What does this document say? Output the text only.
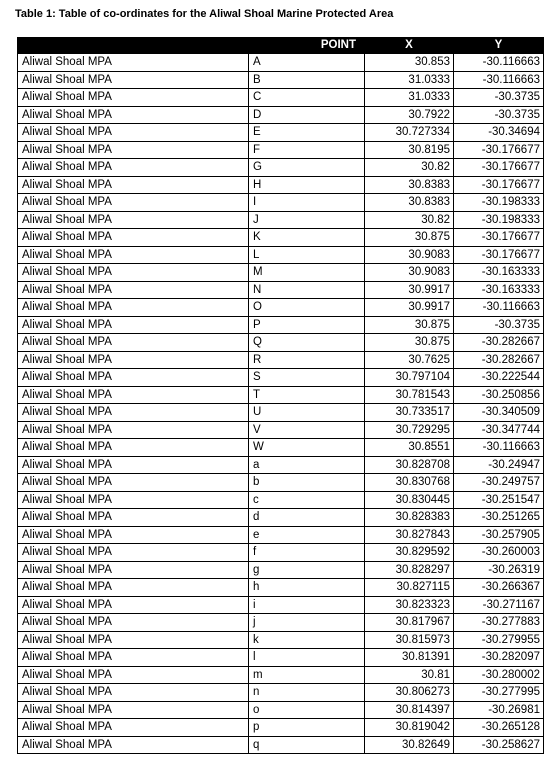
Table 1: Table of co-ordinates for the Aliwal Shoal Marine Protected Area
	POINT	X	Y
Aliwal Shoal MPA	A	30.853	-30.116663
Aliwal Shoal MPA	B	31.0333	-30.116663
Aliwal Shoal MPA	C	31.0333	-30.3735
Aliwal Shoal MPA	D	30.7922	-30.3735
Aliwal Shoal MPA	E	30.727334	-30.34694
Aliwal Shoal MPA	F	30.8195	-30.176677
Aliwal Shoal MPA	G	30.82	-30.176677
Aliwal Shoal MPA	H	30.8383	-30.176677
Aliwal Shoal MPA	I	30.8383	-30.198333
Aliwal Shoal MPA	J	30.82	-30.198333
Aliwal Shoal MPA	K	30.875	-30.176677
Aliwal Shoal MPA	L	30.9083	-30.176677
Aliwal Shoal MPA	M	30.9083	-30.163333
Aliwal Shoal MPA	N	30.9917	-30.163333
Aliwal Shoal MPA	O	30.9917	-30.116663
Aliwal Shoal MPA	P	30.875	-30.3735
Aliwal Shoal MPA	Q	30.875	-30.282667
Aliwal Shoal MPA	R	30.7625	-30.282667
Aliwal Shoal MPA	S	30.797104	-30.222544
Aliwal Shoal MPA	T	30.781543	-30.250856
Aliwal Shoal MPA	U	30.733517	-30.340509
Aliwal Shoal MPA	V	30.729295	-30.347744
Aliwal Shoal MPA	W	30.8551	-30.116663
Aliwal Shoal MPA	a	30.828708	-30.24947
Aliwal Shoal MPA	b	30.830768	-30.249757
Aliwal Shoal MPA	c	30.830445	-30.251547
Aliwal Shoal MPA	d	30.828383	-30.251265
Aliwal Shoal MPA	e	30.827843	-30.257905
Aliwal Shoal MPA	f	30.829592	-30.260003
Aliwal Shoal MPA	g	30.828297	-30.26319
Aliwal Shoal MPA	h	30.827115	-30.266367
Aliwal Shoal MPA	i	30.823323	-30.271167
Aliwal Shoal MPA	j	30.817967	-30.277883
Aliwal Shoal MPA	k	30.815973	-30.279955
Aliwal Shoal MPA	l	30.81391	-30.282097
Aliwal Shoal MPA	m	30.81	-30.280002
Aliwal Shoal MPA	n	30.806273	-30.277995
Aliwal Shoal MPA	o	30.814397	-30.26981
Aliwal Shoal MPA	p	30.819042	-30.265128
Aliwal Shoal MPA	q	30.82649	-30.258627
